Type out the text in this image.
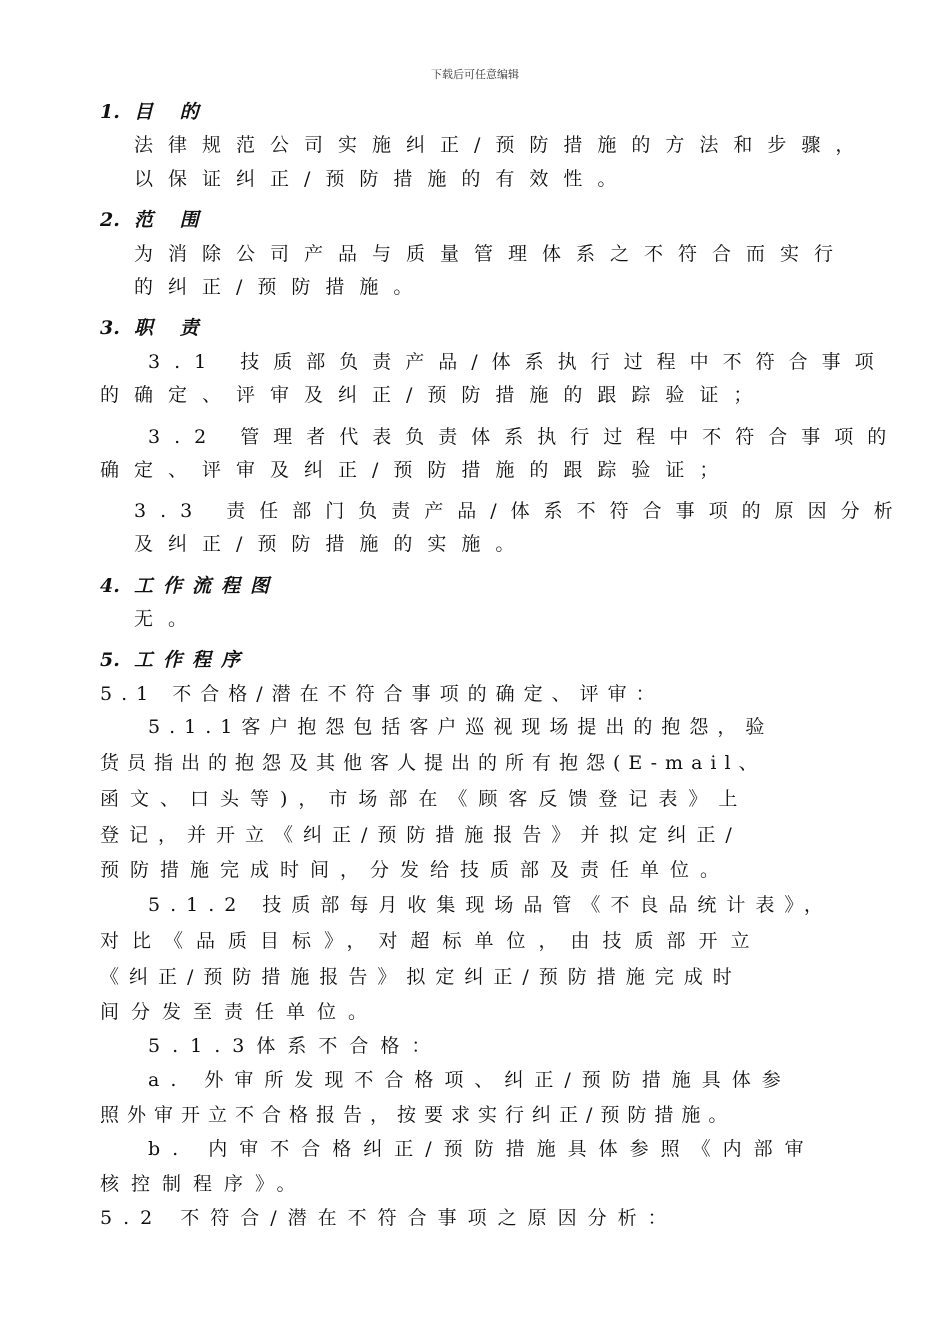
下载后可任意编辑
1. 目 的
法律规范公司实施纠正/预防措施的方法和步骤，
以保证纠正/预防措施的有效性。
2. 范 围
为消除公司产品与质量管理体系之不符合而实行
的纠正/预防措施。
3. 职 责
3.1 技质部负责产品/体系执行过程中不符合事项
的确定、评审及纠正/预防措施的跟踪验证；
3.2 管理者代表负责体系执行过程中不符合事项的
确定、评审及纠正/预防措施的跟踪验证；
3.3 责任部门负责产品/体系不符合事项的原因分析
及纠正/预防措施的实施。
4. 工作流程图
无。
5. 工作程序
5.1 不合格/潜在不符合事项的确定、评审：
5.1.1客户抱怨包括客户巡视现场提出的抱怨，验
货员指出的抱怨及其他客人提出的所有抱怨(E-mail、
函文、口头等)，市场部在《顾客反馈登记表》上
登记，并开立《纠正/预防措施报告》并拟定纠正/
预防措施完成时间，分发给技质部及责任单位。
5.1.2 技质部每月收集现场品管《不良品统计表》，
对比《品质目标》，对超标单位，由技质部开立
《纠正/预防措施报告》拟定纠正/预防措施完成时
间分发至责任单位。
5.1.3体系不合格：
a. 外审所发现不合格项、纠正/预防措施具体参
照外审开立不合格报告，按要求实行纠正/预防措施。
b. 内审不合格纠正/预防措施具体参照《内部审
核控制程序》。
5.2 不符合/潜在不符合事项之原因分析：
